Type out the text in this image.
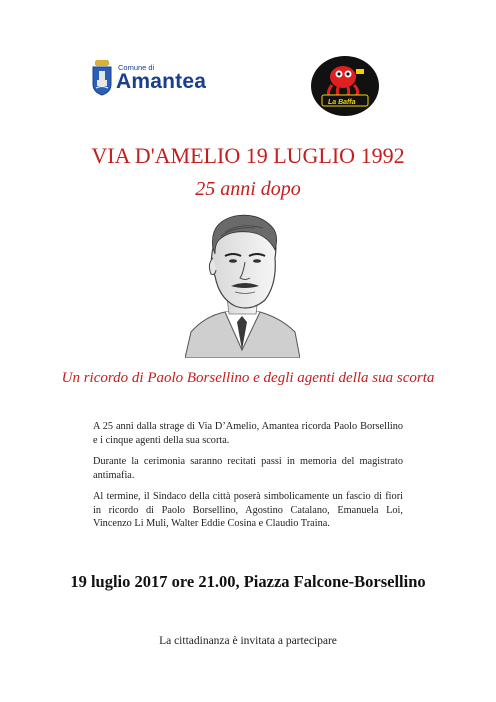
Comune di
Amantea
La Baffa
VIA D'AMELIO 19 LUGLIO 1992
25 anni dopo
Un ricordo di Paolo Borsellino e degli agenti della sua scorta

A 25 anni dalla strage di Via D’Amelio, Amantea ricorda Paolo Borsellino e i cinque agenti della sua scorta.

Durante la cerimonia saranno recitati passi in memoria del magistrato antimafia.

Al termine, il Sindaco della città poserà simbolicamente un fascio di fiori in ricordo di Paolo Borsellino, Agostino Catalano, Emanuela Loi, Vincenzo Li Muli, Walter Eddie Cosina e Claudio Traina.

19 luglio 2017 ore 21.00, Piazza Falcone-Borsellino
La cittadinanza è invitata a partecipare
